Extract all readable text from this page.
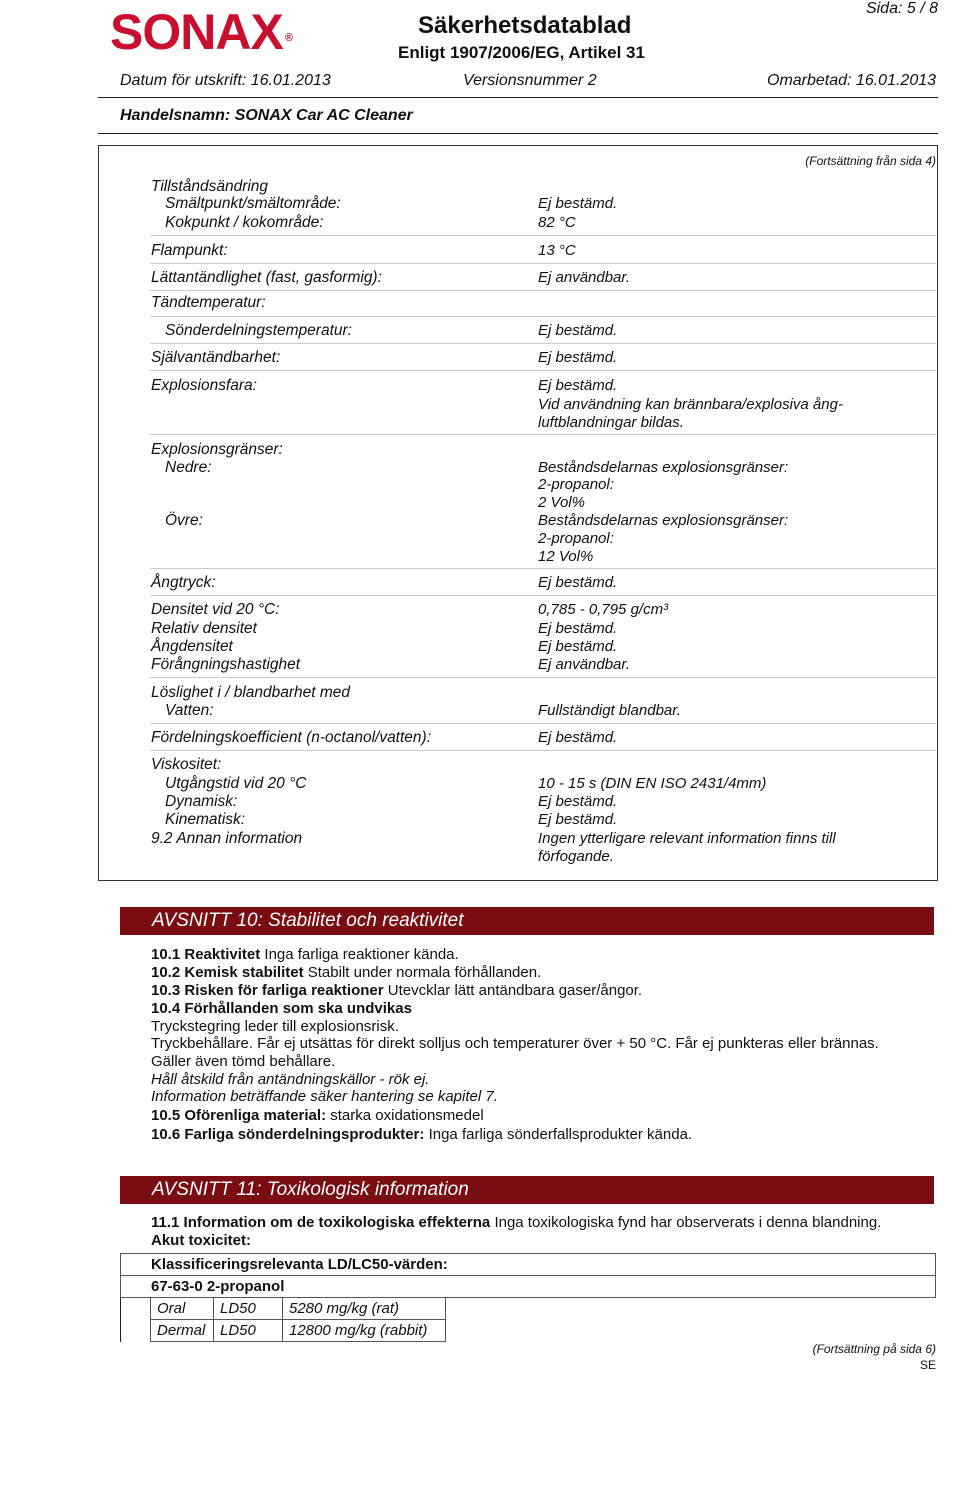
SONAX ®	Säkerhetsdatablad
Enligt 1907/2006/EG, Artikel 31
Sida: 5 / 8
Datum för utskrift: 16.01.2013	Versionsnummer 2	Omarbetad: 16.01.2013
Handelsnamn: SONAX Car AC Cleaner
(Fortsättning från sida 4)
Tillståndsändring
Smältpunkt/smältområde:	Ej bestämd.
Kokpunkt / kokområde:	82 °C
Flampunkt:	13 °C
Lättantändlighet (fast, gasformig):	Ej användbar.
Tändtemperatur:
Sönderdelningstemperatur:	Ej bestämd.
Självantändbarhet:	Ej bestämd.
Explosionsfara:	Ej bestämd.
Vid användning kan brännbara/explosiva ång-
luftblandningar bildas.
Explosionsgränser:
Nedre:	Beståndsdelarnas explosionsgränser:
2-propanol:
2 Vol%
Övre:	Beståndsdelarnas explosionsgränser:
2-propanol:
12 Vol%
Ångtryck:	Ej bestämd.
Densitet vid 20 °C:	0,785 - 0,795 g/cm³
Relativ densitet	Ej bestämd.
Ångdensitet	Ej bestämd.
Förångningshastighet	Ej användbar.
Löslighet i / blandbarhet med
Vatten:	Fullständigt blandbar.
Fördelningskoefficient (n-octanol/vatten):	Ej bestämd.
Viskositet:
Utgångstid vid 20 °C	10 - 15 s (DIN EN ISO 2431/4mm)
Dynamisk:	Ej bestämd.
Kinematisk:	Ej bestämd.
9.2 Annan information	Ingen ytterligare relevant information finns till
förfogande.
AVSNITT 10: Stabilitet och reaktivitet
10.1 Reaktivitet Inga farliga reaktioner kända.
10.2 Kemisk stabilitet Stabilt under normala förhållanden.
10.3 Risken för farliga reaktioner Utevcklar lätt antändbara gaser/ångor.
10.4 Förhållanden som ska undvikas
Tryckstegring leder till explosionsrisk.
Tryckbehållare. Får ej utsättas för direkt solljus och temperaturer över + 50 °C. Får ej punkteras eller brännas.
Gäller även tömd behållare.
Håll åtskild från antändningskällor - rök ej.
Information beträffande säker hantering se kapitel 7.
10.5 Oförenliga material: starka oxidationsmedel
10.6 Farliga sönderdelningsprodukter: Inga farliga sönderfallsprodukter kända.
AVSNITT 11: Toxikologisk information
11.1 Information om de toxikologiska effekterna Inga toxikologiska fynd har observerats i denna blandning.
Akut toxicitet:
Klassificeringsrelevanta LD/LC50-värden:
67-63-0 2-propanol
Oral	LD50	5280 mg/kg (rat)
Dermal	LD50	12800 mg/kg (rabbit)
(Fortsättning på sida 6)
SE
